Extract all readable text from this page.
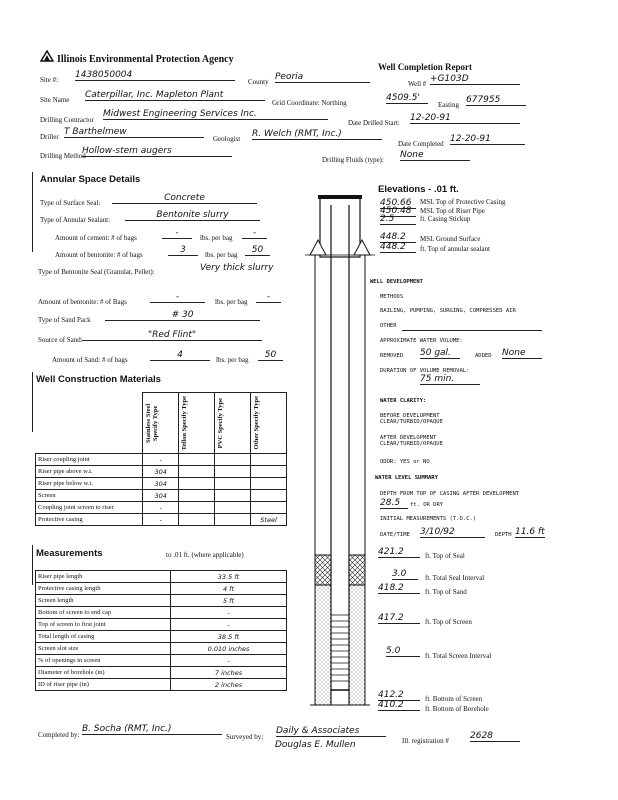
Illinois Environmental Protection Agency
Well Completion Report
Site #: 1438050004
County Peoria
Well # +G103D
Site Name Caterpillar, Inc. Mapleton Plant
Grid Coordinate: Northing	4509.5'
Easting 677955
Drilling Contractor
Midwest Engineering Services Inc.
Date Drilled Start: 12-20-91
Driller T Barthelmew
Geologist R. Welch (RMT, Inc.)
Date Completed 12-20-91
Drilling Method
Hollow-stem augers
Drilling Fluids (type): None
Annular Space Details
Type of Surface Seal:	Concrete
Type of Annular Sealant:	Bentonite slurry
Amount of cement: # of bags	-	lbs. per bag	-
Amount of bentonite: # of bags	3	lbs. per bag	50
Type of Bentonite Seal (Granular, Pellet):	Very thick slurry
Amount of bentonite: # of Bags	-	lbs. per bag	-
Type of Sand Pack	# 30
Source of Sand:	"Red Flint"
Amount of Sand: # of bags	4	lbs. per bag	50
Well Construction Materials

	Stainless Steel Specify Type	Teflon Specify Type	PVC Specify Type	Other Specify Type

Riser coupling joint	-			
Riser pipe above w.t.	304			
Riser pipe below w.t.	304			
Screen	304			
Coupling joint screen to riser	-			
Protective casing	-			Steel
Measurements	to .01 ft. (where applicable)
Riser pipe length	33.5 ft
Protective casing length	4 ft
Screen length	5 ft
Bottom of screen to end cap	-
Top of screen to first joint	-
Total length of casing	38.5 ft
Screen slot size	0.010 inches
% of openings in screen	-
Diameter of borehole (in)	7 inches
ID of riser pipe (in)	2 inches
Elevations - .01 ft.
450.66	MSL Top of Protective Casing
450.48	MSL Top of Riser Pipe
2.5	ft. Casing Stickup
448.2	MSL Ground Surface
448.2	ft. Top of annular sealant
WELL DEVELOPMENT
METHODS
BAILING, PUMPING, SURGING, COMPRESSED AIR
OTHER
APPROXIMATE WATER VOLUME:
REMOVED 50 gal.	ADDED None
DURATION OF VOLUME REMOVAL:
75 min.
WATER CLARITY:
BEFORE DEVELOPMENT CLEAR/TURBID/OPAQUE
AFTER DEVELOPMENT CLEAR/TURBID/OPAQUE
ODOR: YES or NO
WATER LEVEL SUMMARY
DEPTH FROM TOP OF CASING AFTER DEVELOPMENT
28.5	ft. OR DRY
INITIAL MEASUREMENTS (T.O.C.)
DATE/TIME 3/10/92	DEPTH 11.6 ft
421.2	ft. Top of Seal
3.0	ft. Total Seal Interval
418.2	ft. Top of Sand
417.2	ft. Top of Screen
5.0	ft. Total Screen Interval
412.2	ft. Bottom of Screen
410.2	ft. Bottom of Borehole
Completed by:
B. Socha (RMT, Inc.)
Surveyed by:
Daily & Associates
Douglas E. Mullen	Ill. registration # 2628
